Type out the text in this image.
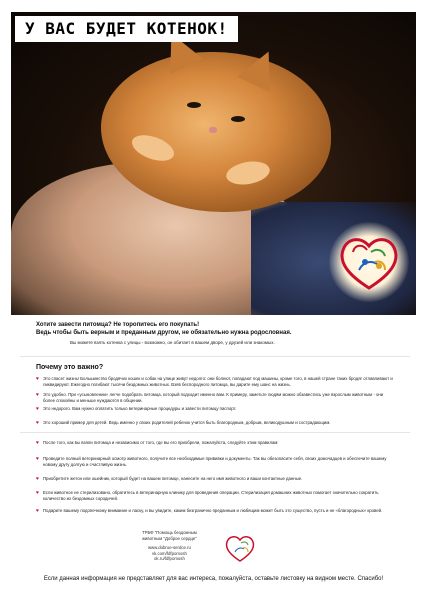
У ВАС БУДЕТ КОТЕНОК!
Хотите завести питомца? Не торопитесь его покупать!
Ведь чтобы быть верным и преданным другом, не обязательно нужна родословная.
Вы можете взять котенка с улицы - возможно, он обитает в вашем дворе, у друзей или знакомых.
Почему это важно?
♥ Это спасет жизнь! Большинство бродячих кошек и собак на улице живут недолго: они болеют, попадают под машины, кроме того, в нашей стране таких бродяг отлавливают и ликвидируют. Ежегодно погибают тысячи бездомных животных. Взяв беспородного питомца, вы дарите ему шанс на жизнь.
♥ Это удобно. При «усыновлении» легче подобрать питомца, который подходит именно вам. К примеру, заметьте людям можно обзавестись уже взрослым животным - они более спокойны и меньше нуждаются в общении.
♥ Это недорого. Вам нужно оплатить только ветеринарные процедуры и завести питомцу паспорт.
♥ Это хороший пример для детей. Ведь именно у своих родителей ребенок учится быть благородным, добрым, великодушным и сострадающим.
♥ После того, как вы взяли питомца и независимо от того, где вы его приобрели, пожалуйста, следуйте этим правилам:
♥ Проведите полный ветеринарный осмотр животного, получите все необходимые прививки и документы. Так вы обезопасите себя, своих домочадцев и обеспечите вашему новому другу долгую и счастливую жизнь.
♥ Приобретите жетон или ошейник, который будет на вашем питомце, нанесите на него имя животного и ваши контактные данные.
♥ Если животное не стерилизовано, обратитесь в ветеринарную клинику для проведения операции. Стерилизация домашних животных помогает значительно сократить количество их бездомных сородичей.
♥ Подарите вашему подопечному внимание и ласку, и вы увидите, каким безгранично преданным и любящим может быть это существо, пусть и не «благородных» кровей.
ТРБФ "Помощь бездомным
животным "Доброе сердце"
www.dobroe-serdce.ru
vk.com/fdfpomosh
ok.ru/fdfpomosh
Если данная информация не представляет для вас интереса, пожалуйста, оставьте листовку на видном месте. Спасибо!
